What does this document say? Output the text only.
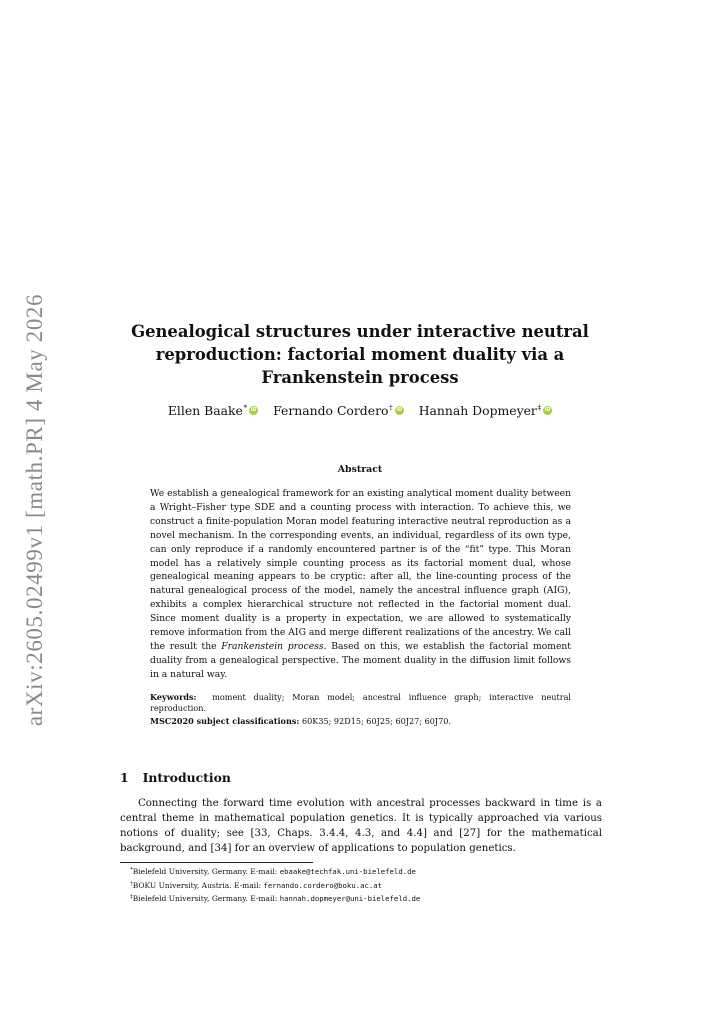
arXiv:2605.02499v1 [math.PR] 4 May 2026	Genealogical structures under interactive neutral reproduction: factorial moment duality via a Frankenstein process
Ellen Baake* iD Fernando Cordero† iD Hannah Dopmeyer‡
iD
Abstract

We establish a genealogical framework for an existing analytical moment duality between a Wright–Fisher type SDE and a counting process with interaction. To achieve this, we construct a finite-population Moran model featuring interactive neutral reproduction as a novel mechanism. In the corresponding events, an individual, regardless of its own type, can only reproduce if a randomly encountered partner is of the “fit” type. This Moran model has a relatively simple counting process as its factorial moment dual, whose genealogical meaning appears to be cryptic: after all, the line-counting process of the natural genealogical process of the model, namely the ancestral influence graph (AIG), exhibits a complex hierarchical structure not reflected in the factorial moment dual. Since moment duality is a property in expectation, we are allowed to systematically remove information from the AIG and merge different realizations of the ancestry. We call the result the Frankenstein process. Based on this, we establish the factorial moment duality from a genealogical perspective. The moment duality in the diffusion limit follows in a natural way.

Keywords: moment duality; Moran model; ancestral influence graph; interactive neutral reproduction.

MSC2020 subject classifications: 60K35; 92D15; 60J25; 60J27; 60J70.

1 Introduction

Connecting the forward time evolution with ancestral processes backward in time is a central theme in mathematical population genetics. It is typically approached via various notions of duality; see [33, Chaps. 3.4.4, 4.3, and 4.4] and [27] for the mathematical background, and [34] for an overview of applications to population genetics.

*Bielefeld University, Germany. E-mail: ebaake@techfak.uni-bielefeld.de
†BOKU University, Austria. E-mail: fernando.cordero@boku.ac.at
‡Bielefeld University, Germany. E-mail: hannah.dopmeyer@uni-bielefeld.de
